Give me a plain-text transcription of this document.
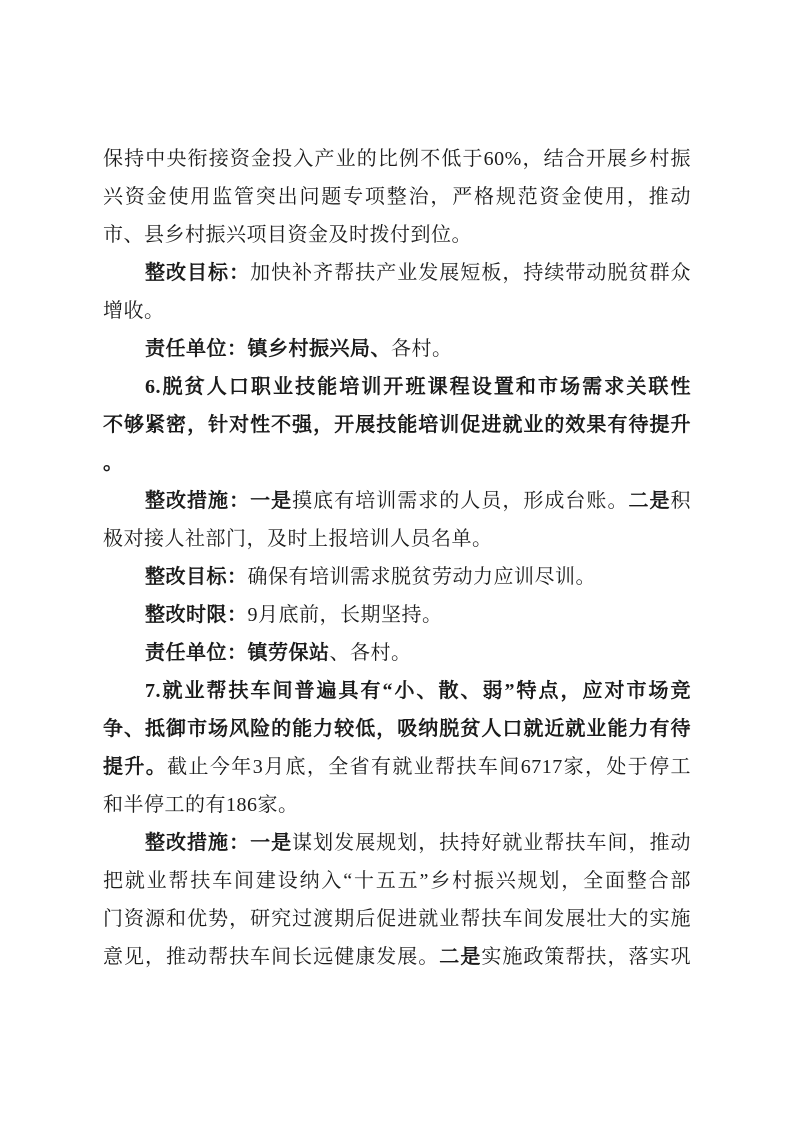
保持中央衔接资金投入产业的比例不低于60%，结合开展乡村振
兴资金使用监管突出问题专项整治，严格规范资金使用，推动
市、县乡村振兴项目资金及时拨付到位。
整改目标：加快补齐帮扶产业发展短板，持续带动脱贫群众
增收。
责任单位：镇乡村振兴局、各村。
6.脱贫人口职业技能培训开班课程设置和市场需求关联性
不够紧密，针对性不强，开展技能培训促进就业的效果有待提升
。
整改措施：一是摸底有培训需求的人员，形成台账。二是积
极对接人社部门，及时上报培训人员名单。
整改目标：确保有培训需求脱贫劳动力应训尽训。
整改时限：9月底前，长期坚持。
责任单位：镇劳保站、各村。
7.就业帮扶车间普遍具有“小、散、弱”特点，应对市场竞
争、抵御市场风险的能力较低，吸纳脱贫人口就近就业能力有待
提升。截止今年3月底，全省有就业帮扶车间6717家，处于停工
和半停工的有186家。
整改措施：一是谋划发展规划，扶持好就业帮扶车间，推动
把就业帮扶车间建设纳入“十五五”乡村振兴规划，全面整合部
门资源和优势，研究过渡期后促进就业帮扶车间发展壮大的实施
意见，推动帮扶车间长远健康发展。二是实施政策帮扶，落实巩
